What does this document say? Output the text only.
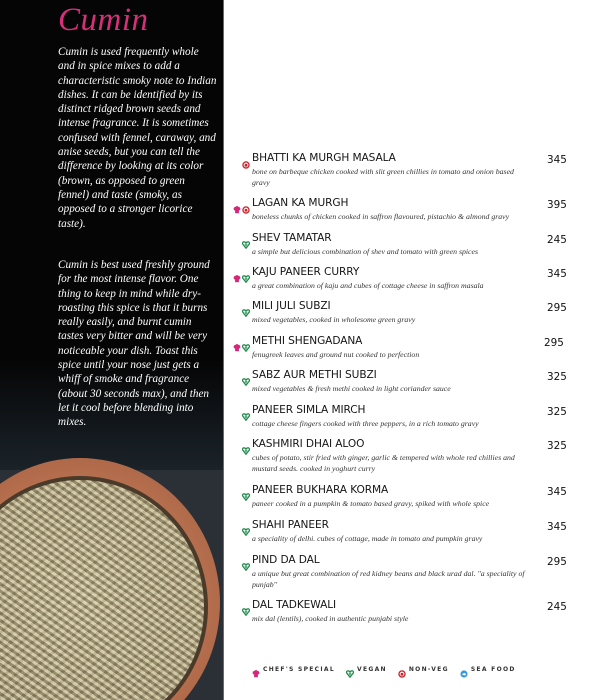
Cumin
Cumin is used frequently whole and in spice mixes to add a characteristic smoky note to Indian dishes. It can be identified by its distinct ridged brown seeds and intense fragrance. It is sometimes confused with fennel, caraway, and anise seeds, but you can tell the difference by looking at its color (brown, as opposed to green fennel) and taste (smoky, as opposed to a stronger licorice taste).
Cumin is best used freshly ground for the most intense flavor. One thing to keep in mind while dry-roasting this spice is that it burns really easily, and burnt cumin tastes very bitter and will be very noticeable your dish. Toast this spice until your nose just gets a whiff of smoke and fragrance (about 30 seconds max), and then let it cool before blending into mixes.
BHATTI KA MURGH MASALA
bone on barbeque chicken cooked with slit green chillies in tomato and onion based gravy
345
LAGAN KA MURGH
boneless chunks of chicken cooked in saffron flavoured, pistachio & almond gravy
395
SHEV TAMATAR
a simple but delicious combination of shev and tomato with green spices
245
KAJU PANEER CURRY
a great combination of kaju and cubes of cottage cheese in saffron masala
345
MILI JULI SUBZI
mixed vegetables, cooked in wholesome green gravy
295
METHI SHENGADANA
fenugreek leaves and ground nut cooked to perfection
295
SABZ AUR METHI SUBZI
mixed vegetables & fresh methi cooked in light coriander sauce
325
PANEER SIMLA MIRCH
cottage cheese fingers cooked with three peppers, in a rich tomato gravy
325
KASHMIRI DHAI ALOO
cubes of potato, stir fried with ginger, garlic & tempered with whole red chillies and mustard seeds. cooked in yoghurt curry
325
PANEER BUKHARA KORMA
paneer cooked in a pumpkin & tomato based gravy, spiked with whole spice
345
SHAHI PANEER
a speciality of delhi. cubes of cottage, made in tomato and pumpkin gravy
345
PIND DA DAL
a unique but great combination of red kidney beans and black urad dal. "a speciality of punjab"
295
DAL TADKEWALI
mix dal (lentils), cooked in authentic punjabi style
245
CHEF'S SPECIAL	VEGAN	NON-VEG	SEA FOOD
